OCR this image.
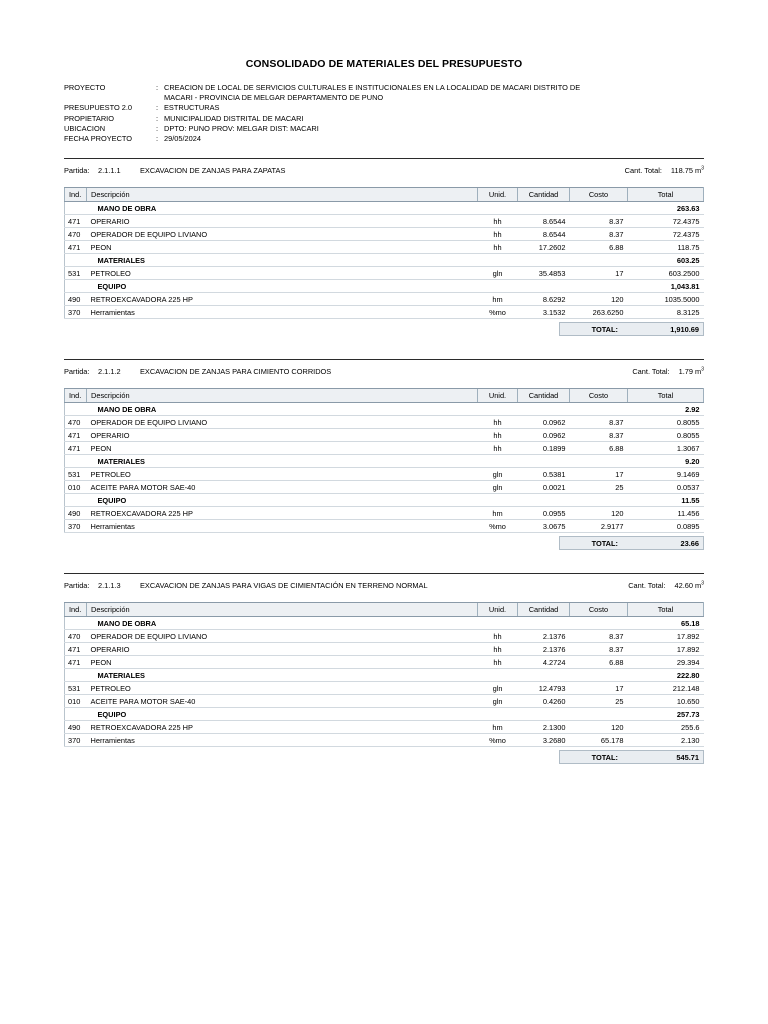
CONSOLIDADO DE MATERIALES DEL PRESUPUESTO
PROYECTO	: CREACION DE LOCAL DE SERVICIOS CULTURALES E INSTITUCIONALES EN LA LOCALIDAD DE MACARI DISTRITO DE
MACARI - PROVINCIA DE MELGAR DEPARTAMENTO DE PUNO
PRESUPUESTO 2.0	: ESTRUCTURAS
PROPIETARIO	: MUNICIPALIDAD DISTRITAL DE MACARI
UBICACION	: DPTO: PUNO PROV: MELGAR DIST: MACARI
FECHA PROYECTO	: 29/05/2024
Partida:	2.1.1.1	EXCAVACION DE ZANJAS PARA ZAPATAS	Cant. Total: 118.75 $m^3$
Ind.	Descripción	Unid.	Cantidad	Costo	Total
	MANO DE OBRA				263.63
471	OPERARIO	hh	8.6544	8.37	72.4375
470	OPERADOR DE EQUIPO LIVIANO	hh	8.6544	8.37	72.4375
471	PEON	hh	17.2602	6.88	118.75
	MATERIALES				603.25
531	PETROLEO	gln	35.4853	17	603.2500
	EQUIPO				1,043.81
490	RETROEXCAVADORA 225 HP	hm	8.6292	120	1035.5000
370	Herramientas	%mo	3.1532	263.6250	8.3125
TOTAL:	1,910.69
Partida:	2.1.1.2	EXCAVACION DE ZANJAS PARA CIMIENTO CORRIDOS	Cant. Total: 1.79 $m^3$
Ind.	Descripción	Unid.	Cantidad	Costo	Total
	MANO DE OBRA				2.92
470	OPERADOR DE EQUIPO LIVIANO	hh	0.0962	8.37	0.8055
471	OPERARIO	hh	0.0962	8.37	0.8055
471	PEON	hh	0.1899	6.88	1.3067
	MATERIALES				9.20
531	PETROLEO	gln	0.5381	17	9.1469
010	ACEITE PARA MOTOR SAE-40	gln	0.0021	25	0.0537
	EQUIPO				11.55
490	RETROEXCAVADORA 225 HP	hm	0.0955	120	11.456
370	Herramientas	%mo	3.0675	2.9177	0.0895
TOTAL:	23.66
Partida:	2.1.1.3	EXCAVACION DE ZANJAS PARA VIGAS DE CIMIENTACIÓN EN TERRENO NORMAL	Cant. Total: 42.60 $m^3$
Ind.	Descripción	Unid.	Cantidad	Costo	Total
	MANO DE OBRA				65.18
470	OPERADOR DE EQUIPO LIVIANO	hh	2.1376	8.37	17.892
471	OPERARIO	hh	2.1376	8.37	17.892
471	PEON	hh	4.2724	6.88	29.394
	MATERIALES				222.80
531	PETROLEO	gln	12.4793	17	212.148
010	ACEITE PARA MOTOR SAE-40	gln	0.4260	25	10.650
	EQUIPO				257.73
490	RETROEXCAVADORA 225 HP	hm	2.1300	120	255.6
370	Herramientas	%mo	3.2680	65.178	2.130
TOTAL:	545.71
